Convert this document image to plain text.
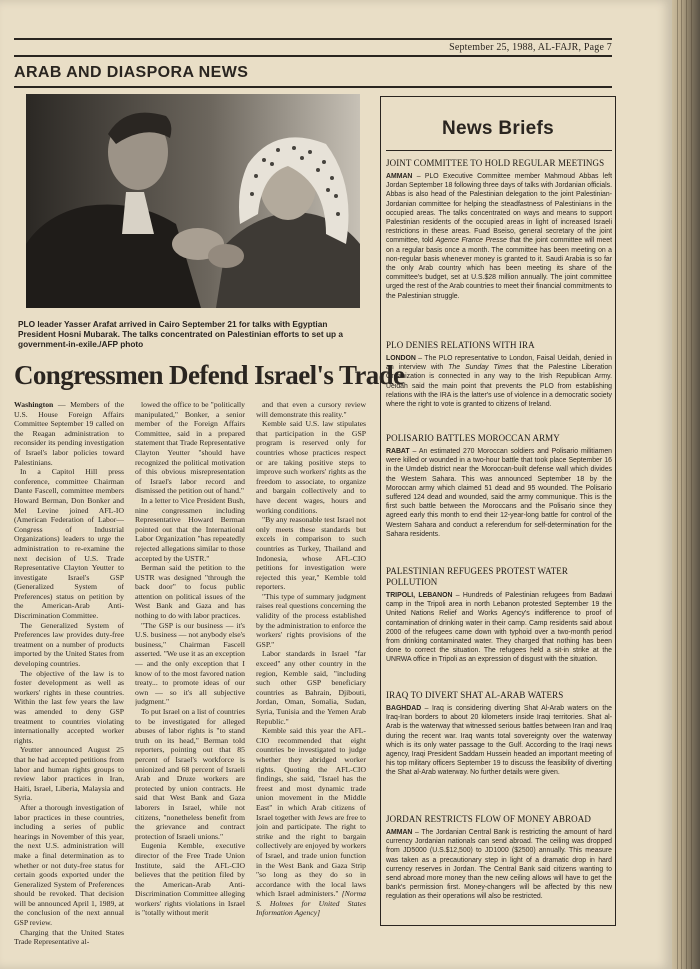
September 25, 1988, AL-FAJR, Page 7
ARAB AND DIASPORA NEWS
PLO leader Yasser Arafat arrived in Cairo September 21 for talks with Egyptian President Hosni Mubarak. The talks concentrated on Palestinian efforts to set up a government-in-exile./AFP photo
Congressmen Defend Israel's Trade

Washington — Members of the U.S. House Foreign Affairs Committee September 19 called on the Reagan administration to reconsider its pending investigation of Israel's labor policies toward Palestinians.

In a Capitol Hill press conference, committee Chairman Dante Fascell, committee members Howard Berman, Don Bonker and Mel Levine joined AFL-IO (American Federation of Labor—Congress of Industrial Organizations) leaders to urge the administration to re-examine the next decision of U.S. Trade Representative Clayton Yeutter to investigate Israel's GSP (Generalized System of Preferences) status on petition by the American-Arab Anti-Discrimination Committee.

The Generalized System of Preferences law provides duty-free treatment on a number of products imported by the United States from developing countries.

The objective of the law is to foster development as well as workers' rights in these countries. Within the last few years the law was amended to deny GSP treatment to countries violating internationally accepted worker rights.

Yeutter announced August 25 that he had accepted petitions from labor and human rights groups to review labor practices in Iran, Haiti, Israel, Liberia, Malaysia and Syria.

After a thorough investigation of labor practices in these countries, including a series of public hearings in November of this year, the next U.S. administration will make a final determination as to whether or not duty-free status for certain goods exported under the Generalized System of Preferences should be revoked. That decision will be announced April 1, 1989, at the conclusion of the next annual GSP review.

Charging that the United States Trade Representative al-

lowed the office to be "politically manipulated," Bonker, a senior member of the Foreign Affairs Committee, said in a prepared statement that Trade Representative Clayton Yeutter "should have recognized the political motivation of this obvious misrepresentation of Israel's labor record and dismissed the petition out of hand."

In a letter to Vice President Bush, nine congressmen including Representative Howard Berman pointed out that the International Labor Organization "has repeatedly rejected allegations similar to those accepted by the USTR."

Berman said the petition to the USTR was designed "through the back door" to focus public attention on political issues of the West Bank and Gaza and has nothing to do with labor practices.

"The GSP is our business — it's U.S. business — not anybody else's business," Chairman Fascell asserted. "We use it as an exception — and the only exception that I know of to the most favored nation treaty... to promote ideas of our own — so it's all subjective judgment."

To put Israel on a list of countries to be investigated for alleged abuses of labor rights is "to stand truth on its head," Berman told reporters, pointing out that 85 percent of Israel's workforce is unionized and 68 percent of Israeli Arab and Druze workers are protected by union contracts. He said that West Bank and Gaza laborers in Israel, while not citizens, "nonetheless benefit from the grievance and contract protection of Israeli unions."

Eugenia Kemble, executive director of the Free Trade Union Institute, said the AFL-CIO believes that the petition filed by the American-Arab Anti-Discrimination Committee alleging workers' rights violations in Israel is "totally without merit

and that even a cursory review will demonstrate this reality."

Kemble said U.S. law stipulates that participation in the GSP program is reserved only for countries whose practices respect or are taking positive steps to improve such workers' rights as the freedom to associate, to organize and bargain collectively and to have decent wages, hours and working conditions.

"By any reasonable test Israel not only meets these standards but excels in comparison to such countries as Turkey, Thailand and Indonesia, whose AFL-CIO petitions for investigation were rejected this year," Kemble told reporters.

"This type of summary judgment raises real questions concerning the validity of the process established by the administration to enforce the workers' rights provisions of the GSP."

Labor standards in Israel "far exceed" any other country in the region, Kemble said, "including such other GSP beneficiary countries as Bahrain, Djibouti, Jordan, Oman, Somalia, Sudan, Syria, Tunisia and the Yemen Arab Republic."

Kemble said this year the AFL-CIO recommended that eight countries be investigated to judge whether they abridged worker rights. Quoting the AFL-CIO findings, she said, "Israel has the freest and most dynamic trade union movement in the Middle East" in which Arab citizens of Israel together with Jews are free to join and participate. The right to strike and the right to bargain collectively are enjoyed by workers of Israel, and trade union function in the West Bank and Gaza Strip "so long as they do so in accordance with the local laws which Israel administers." [Norma S. Holmes for United States Information Agency]

News Briefs
JOINT COMMITTEE TO HOLD REGULAR MEETINGS

AMMAN – PLO Executive Committee member Mahmoud Abbas left Jordan September 18 following three days of talks with Jordanian officials. Abbas is also head of the Palestinian delegation to the joint Palestinian-Jordanian committee for helping the steadfastness of Palestinians in the occupied areas. The talks concentrated on ways and means to support Palestinian residents of the occupied areas in light of increased Israeli restrictions in these areas. Fuad Bseiso, general secretary of the joint committee, told Agence France Presse that the joint committee will meet on a regular basis once a month. The committee has been meeting on a non-regular basis whenever money is granted to it. Saudi Arabia is so far the only Arab country which has been meeting its share of the committee's budget, set at U.S.$28 million annually. The joint committee urged the rest of the Arab countries to meet their financial commitments to the Palestinian struggle.

PLO DENIES RELATIONS WITH IRA

LONDON – The PLO representative to London, Faisal Ueidah, denied in an interview with The Sunday Times that the Palestine Liberation Organization is connected in any way to the Irish Republican Army. Ueidah said the main point that prevents the PLO from establishing relations with the IRA is the latter's use of violence in a democratic society where the right to vote is granted to citizens of Ireland.

POLISARIO BATTLES MOROCCAN ARMY

RABAT – An estimated 270 Moroccan soldiers and Polisario militiamen were killed or wounded in a two-hour battle that took place September 16 in the Umdeb district near the Moroccan-built defense wall which divides the Western Sahara. This was announced September 18 by the Moroccan army which claimed 51 dead and 95 wounded. The Polisario suffered 124 dead and wounded, said the army communique. This is the first such battle between the Moroccans and the Polisario since they agreed early this month to end their 12-year-long battle for control of the Western Sahara and conduct a referendum for self-determination for the Sahara residents.

PALESTINIAN REFUGEES PROTEST WATER POLLUTION

TRIPOLI, LEBANON – Hundreds of Palestinian refugees from Badawi camp in the Tripoli area in north Lebanon protested September 19 the United Nations Relief and Works Agency's indifference to proof of contamination of drinking water in their camp. Camp residents said about 2000 of the refugees came down with typhoid over a two-month period from drinking contaminated water. They charged that nothing has been done to correct the situation. The refugees held a sit-in strike at the UNRWA office in Tripoli as an expression of disgust with the situation.

IRAQ TO DIVERT SHAT AL-ARAB WATERS

BAGHDAD – Iraq is considering diverting Shat Al-Arab waters on the Iraq-Iran borders to about 20 kilometers inside Iraqi territories. Shat al-Arab is the waterway that witnessed serious battles between Iran and Iraq during the recent war. Iraq wants total sovereignty over the waterway which is its only water passage to the Gulf. According to the Iraqi news agency, Iraqi President Saddam Hussein headed an important meeting of his top military officers September 19 to discuss the feasibility of diverting the Shat al-Arab waterway. No further details were given.

JORDAN RESTRICTS FLOW OF MONEY ABROAD

AMMAN – The Jordanian Central Bank is restricting the amount of hard currency Jordanian nationals can send abroad. The ceiling was dropped from JD5000 (U.S.$12,500) to JD1000 ($2500) annually. This measure was taken as a precautionary step in light of a dramatic drop in hard currency reserves in Jordan. The Central Bank said citizens wanting to send abroad more money than the new ceiling allows will have to get the bank's permission first. Money-changers will be affected by this new regulation as their operations will also be restricted.
